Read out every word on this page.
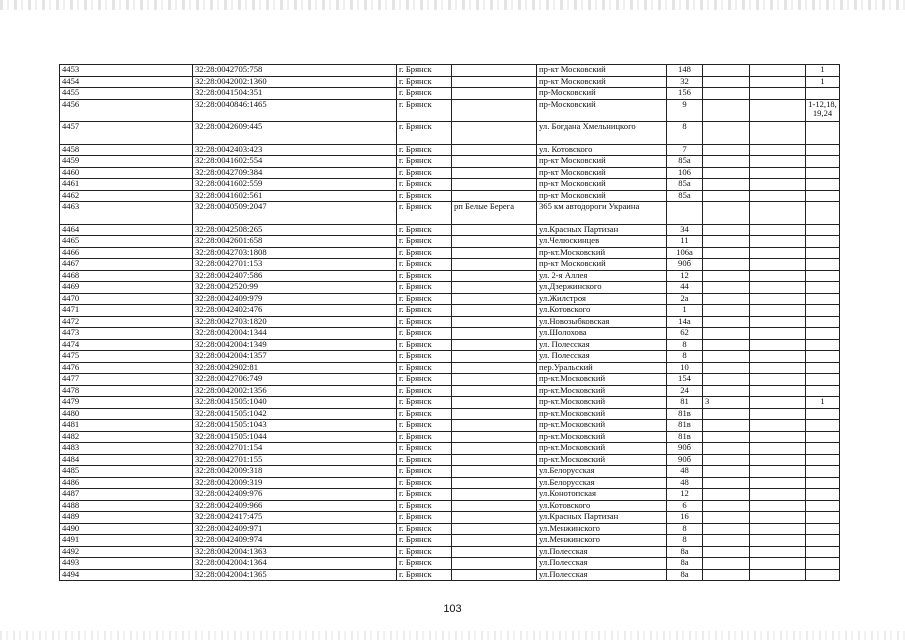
4453	32:28:0042705:758	г. Брянск		пр-кт Московский	148			1
4454	32:28:0042002:1360	г. Брянск		пр-кт Московский	32			1
4455	32:28:0041504:351	г. Брянск		пр-Московский	156			
4456	32:28:0040846:1465	г. Брянск		пр-Московский	9			1-12,18, 19,24
4457	32:28:0042609:445	г. Брянск		ул. Богдана Хмельницкого	8			
4458	32:28:0042403:423	г. Брянск		ул. Котовского	7			
4459	32:28:0041602:554	г. Брянск		пр-кт Московский	85а			
4460	32:28:0042709:384	г. Брянск		пр-кт Московский	106			
4461	32:28:0041602:559	г. Брянск		пр-кт Московский	85а			
4462	32:28:0041602:561	г. Брянск		пр-кт Московский	85а			
4463	32:28:0040509:2047	г. Брянск	рп Белые Берега	365 км автодороги Украина				
4464	32:28:0042508:265	г. Брянск		ул.Красных Партизан	34			
4465	32:28:0042601:658	г. Брянск		ул.Челюскинцев	11			
4466	32:28:0042703:1808	г. Брянск		пр-кт.Московский	106а			
4467	32:28:0042701:153	г. Брянск		пр-кт Московский	90б			
4468	32:28:0042407:586	г. Брянск		ул. 2-я Аллея	12			
4469	32:28:0042520:99	г. Брянск		ул.Дзержинского	44			
4470	32:28:0042409:979	г. Брянск		ул.Жилстроя	2а			
4471	32:28:0042402:476	г. Брянск		ул.Котовского	1			
4472	32:28:0042703:1820	г. Брянск		ул.Новозыбковская	14а			
4473	32:28:0042004:1344	г. Брянск		ул.Шолохова	62			
4474	32:28:0042004:1349	г. Брянск		ул. Полесская	8			
4475	32:28:0042004:1357	г. Брянск		ул. Полесская	8			
4476	32:28:0042902:81	г. Брянск		пер.Уральский	10			
4477	32:28:0042706:749	г. Брянск		пр-кт.Московский	154			
4478	32:28:0042002:1356	г. Брянск		пр-кт.Московский	24			
4479	32:28:0041505:1040	г. Брянск		пр-кт.Московский	81	3		1
4480	32:28:0041505:1042	г. Брянск		пр-кт.Московский	81в			
4481	32:28:0041505:1043	г. Брянск		пр-кт.Московский	81в			
4482	32:28:0041505:1044	г. Брянск		пр-кт.Московский	81в			
4483	32:28:0042701:154	г. Брянск		пр-кт.Московский	90б			
4484	32:28:0042701:155	г. Брянск		пр-кт.Московский	90б			
4485	32:28:0042009:318	г. Брянск		ул.Белорусская	48			
4486	32:28:0042009:319	г. Брянск		ул.Белорусская	48			
4487	32:28:0042409:976	г. Брянск		ул.Конотопская	12			
4488	32:28:0042409:966	г. Брянск		ул.Котовского	6			
4489	32:28:0042417:475	г. Брянск		ул.Красных Партизан	16			
4490	32:28:0042409:971	г. Брянск		ул.Менжинского	8			
4491	32:28:0042409:974	г. Брянск		ул.Менжинского	8			
4492	32:28:0042004:1363	г. Брянск		ул.Полесская	8а			
4493	32:28:0042004:1364	г. Брянск		ул.Полесская	8а			
4494	32:28:0042004:1365	г. Брянск		ул.Полесская	8а			
103
